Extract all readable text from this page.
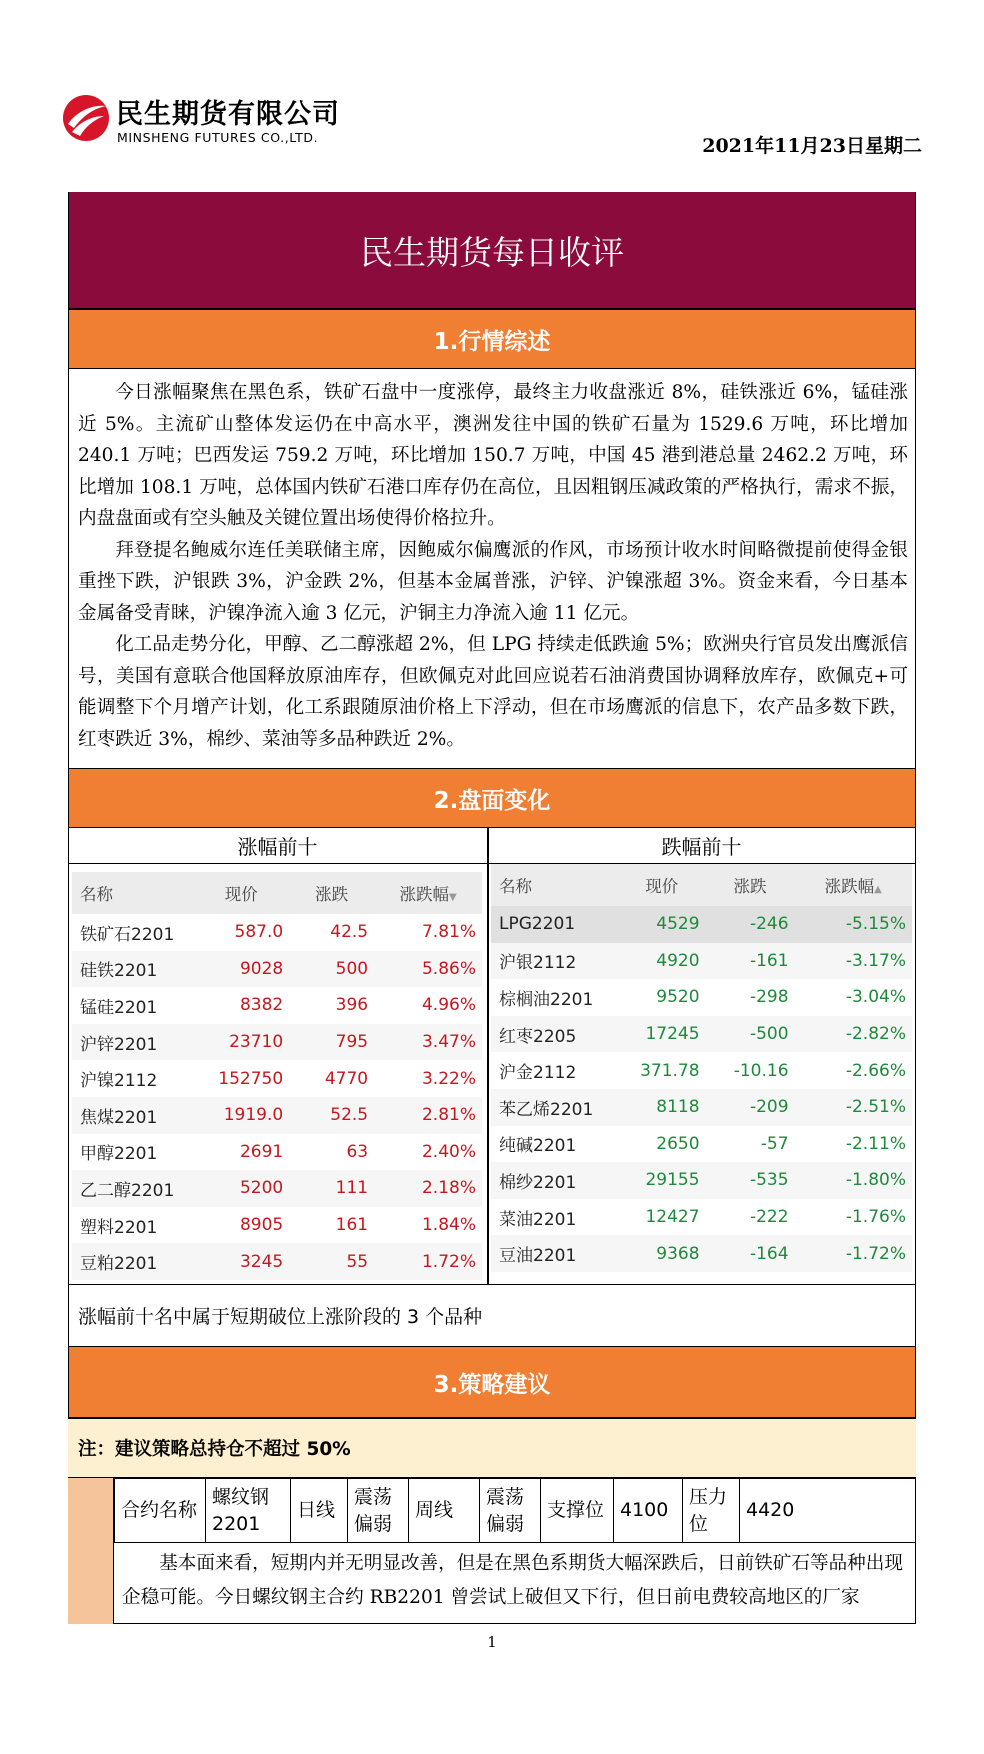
民生期货有限公司
MINSHENG FUTURES CO.,LTD.	2021年11月23日星期二
民生期货每日收评
1.行情综述

今日涨幅聚焦在黑色系，铁矿石盘中一度涨停，最终主力收盘涨近 8%，硅铁涨近 6%，锰硅涨近 5%。主流矿山整体发运仍在中高水平，澳洲发往中国的铁矿石量为 1529.6 万吨，环比增加 240.1 万吨；巴西发运 759.2 万吨，环比增加 150.7 万吨，中国 45 港到港总量 2462.2 万吨，环比增加 108.1 万吨，总体国内铁矿石港口库存仍在高位，且因粗钢压减政策的严格执行，需求不振，内盘盘面或有空头触及关键位置出场使得价格拉升。

拜登提名鲍威尔连任美联储主席，因鲍威尔偏鹰派的作风，市场预计收水时间略微提前使得金银重挫下跌，沪银跌 3%，沪金跌 2%，但基本金属普涨，沪锌、沪镍涨超 3%。资金来看，今日基本金属备受青睐，沪镍净流入逾 3 亿元，沪铜主力净流入逾 11 亿元。

化工品走势分化，甲醇、乙二醇涨超 2%，但 LPG 持续走低跌逾 5%；欧洲央行官员发出鹰派信号，美国有意联合他国释放原油库存，但欧佩克对此回应说若石油消费国协调释放库存，欧佩克+可能调整下个月增产计划，化工系跟随原油价格上下浮动，但在市场鹰派的信息下，农产品多数下跌，红枣跌近 3%，棉纱、菜油等多品种跌近 2%。

2.盘面变化
涨幅前十	跌幅前十
名称	现价	涨跌	涨跌幅▼
铁矿石2201	587.0	42.5	7.81%
硅铁2201	9028	500	5.86%
锰硅2201	8382	396	4.96%
沪锌2201	23710	795	3.47%
沪镍2112	152750	4770	3.22%
焦煤2201	1919.0	52.5	2.81%
甲醇2201	2691	63	2.40%
乙二醇2201	5200	111	2.18%
塑料2201	8905	161	1.84%
豆粕2201	3245	55	1.72%
名称	现价	涨跌	涨跌幅▲
LPG2201	4529	-246	-5.15%
沪银2112	4920	-161	-3.17%
棕榈油2201	9520	-298	-3.04%
红枣2205	17245	-500	-2.82%
沪金2112	371.78	-10.16	-2.66%
苯乙烯2201	8118	-209	-2.51%
纯碱2201	2650	-57	-2.11%
棉纱2201	29155	-535	-1.80%
菜油2201	12427	-222	-1.76%
豆油2201	9368	-164	-1.72%
涨幅前十名中属于短期破位上涨阶段的 3 个品种
3.策略建议
注：建议策略总持仓不超过 50%
合约名称	螺纹钢2201	日线	震荡偏弱	周线	震荡偏弱	支撑位	4100	压力位	4420

基本面来看，短期内并无明显改善，但是在黑色系期货大幅深跌后，日前铁矿石等品种出现企稳可能。今日螺纹钢主合约 RB2201 曾尝试上破但又下行，但日前电费较高地区的厂家

1
